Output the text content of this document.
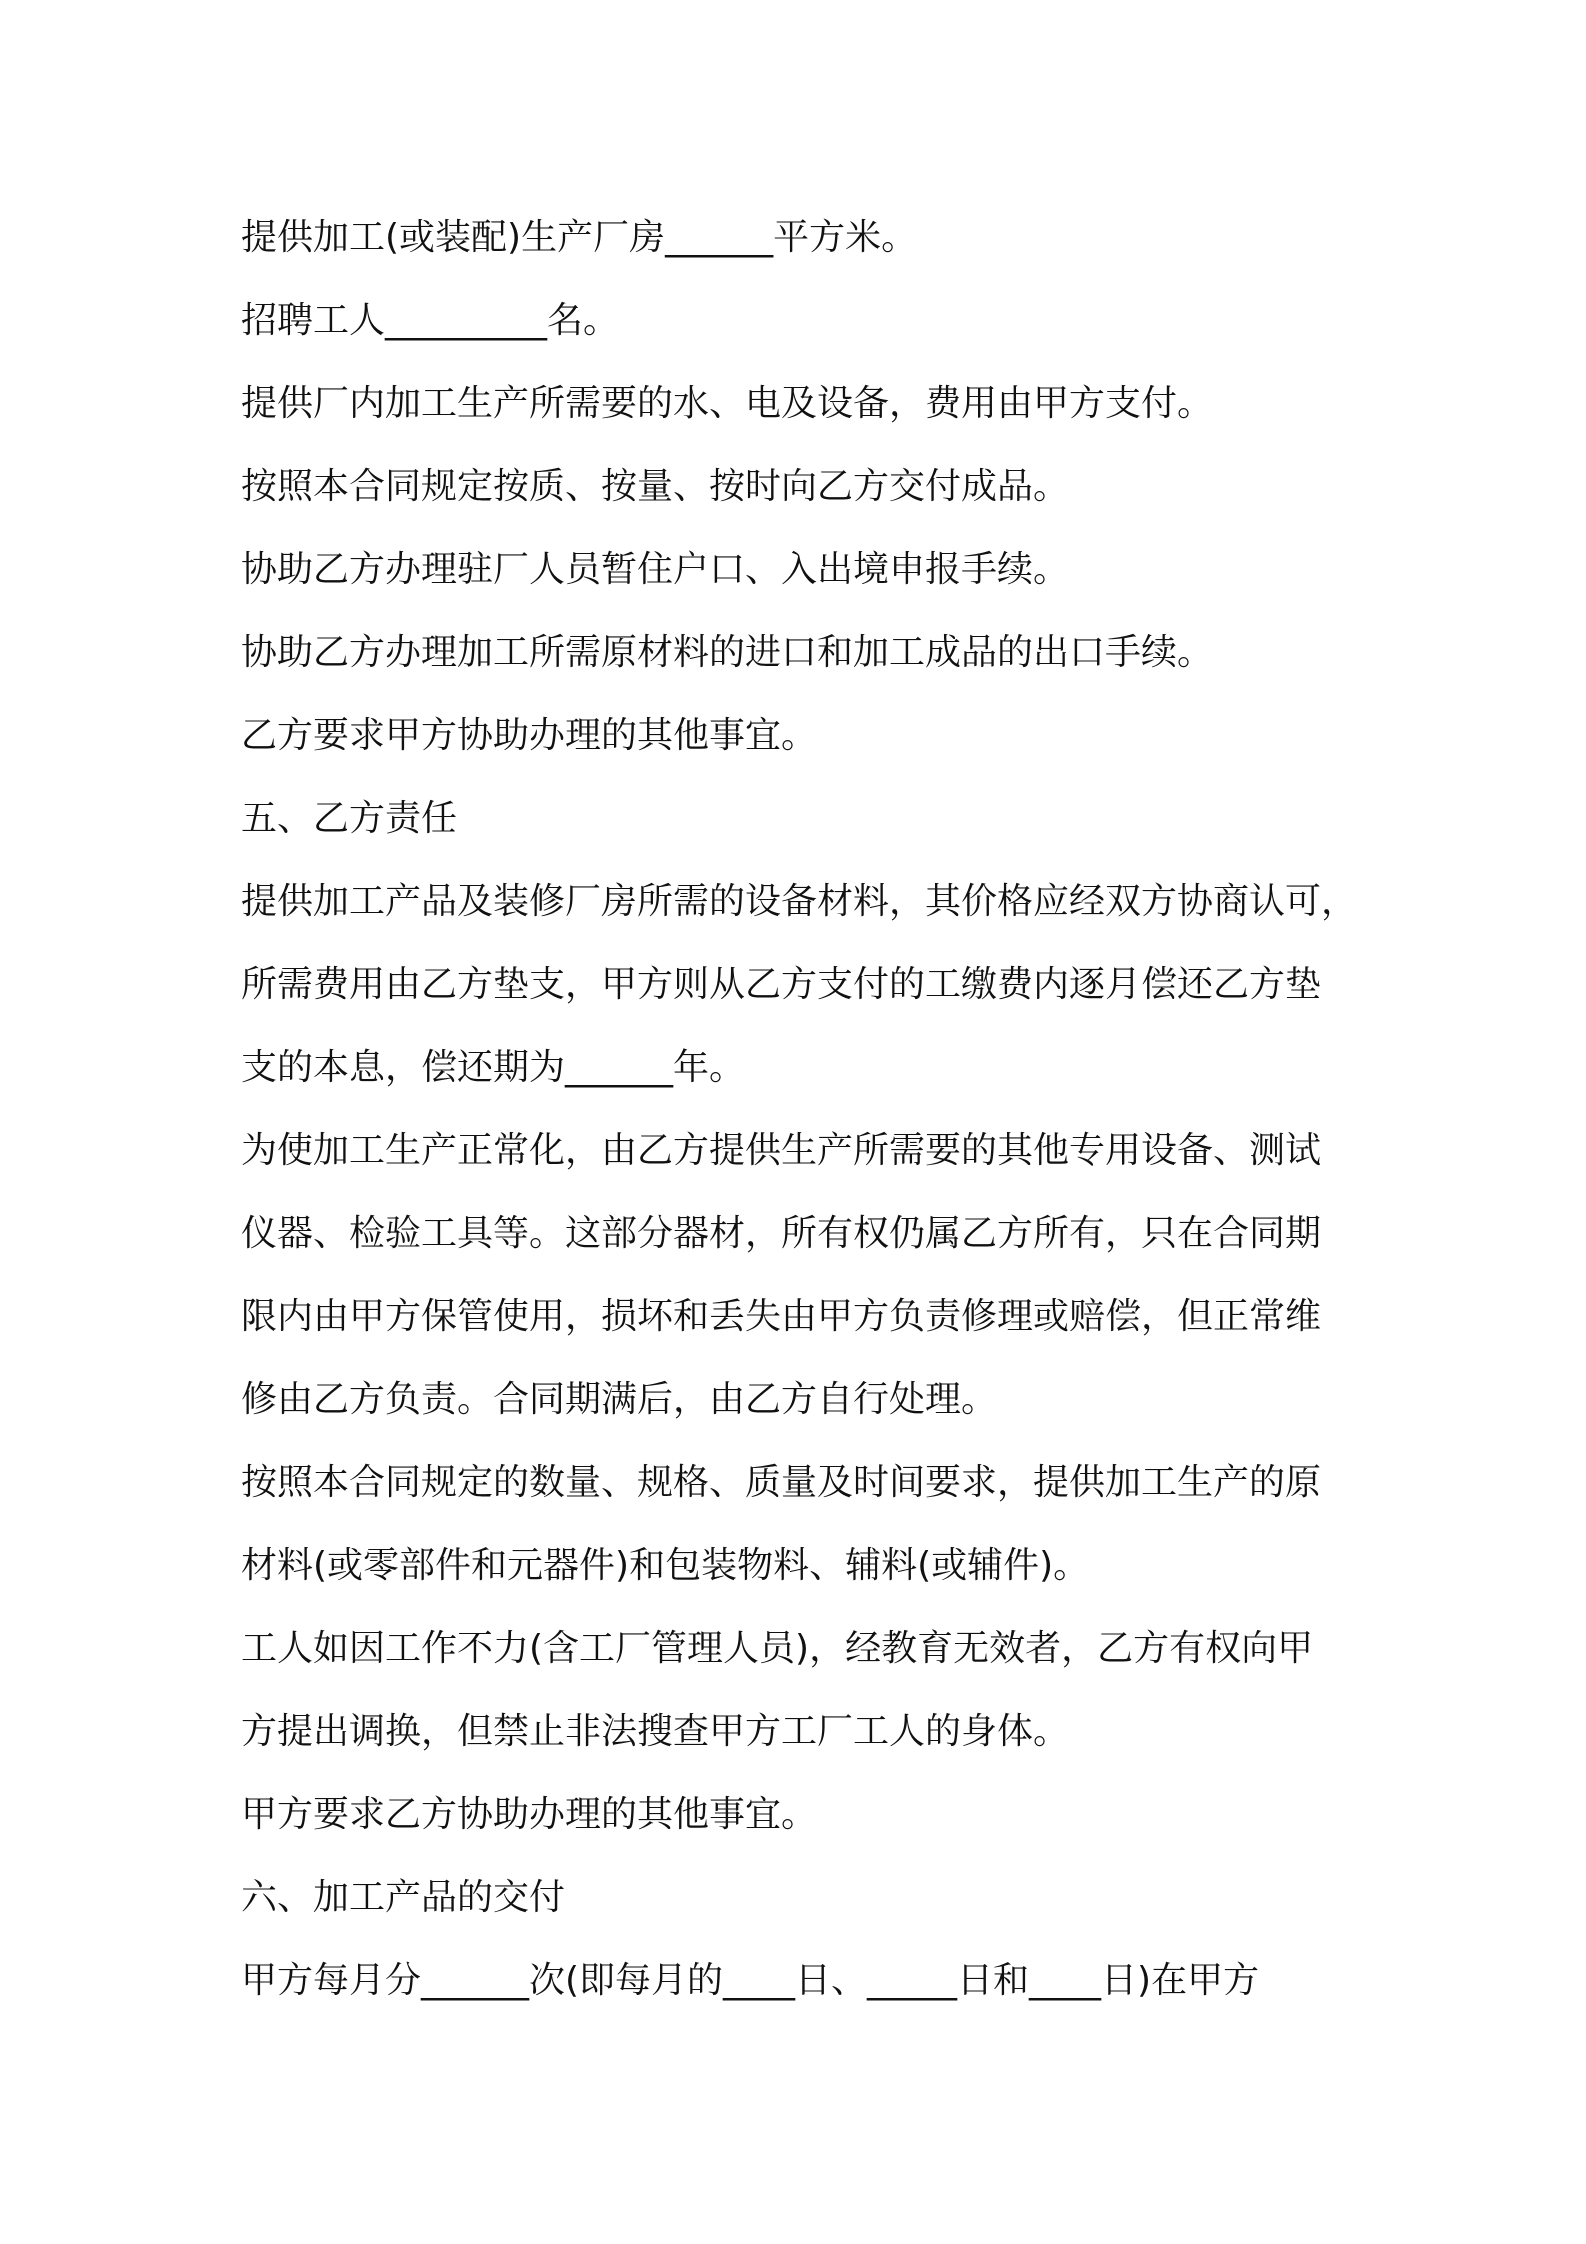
提供加工(或装配)生产厂房______平方米。
招聘工人_________名。
提供厂内加工生产所需要的水、电及设备，费用由甲方支付。
按照本合同规定按质、按量、按时向乙方交付成品。
协助乙方办理驻厂人员暂住户口、入出境申报手续。
协助乙方办理加工所需原材料的进口和加工成品的出口手续。
乙方要求甲方协助办理的其他事宜。
五、乙方责任
提供加工产品及装修厂房所需的设备材料，其价格应经双方协商认可，
所需费用由乙方垫支，甲方则从乙方支付的工缴费内逐月偿还乙方垫
支的本息，偿还期为______年。
为使加工生产正常化，由乙方提供生产所需要的其他专用设备、测试
仪器、检验工具等。这部分器材，所有权仍属乙方所有，只在合同期
限内由甲方保管使用，损坏和丢失由甲方负责修理或赔偿，但正常维
修由乙方负责。合同期满后，由乙方自行处理。
按照本合同规定的数量、规格、质量及时间要求，提供加工生产的原
材料(或零部件和元器件)和包装物料、辅料(或辅件)。
工人如因工作不力(含工厂管理人员)，经教育无效者，乙方有权向甲
方提出调换，但禁止非法搜查甲方工厂工人的身体。
甲方要求乙方协助办理的其他事宜。
六、加工产品的交付
甲方每月分______次(即每月的____日、_____日和____日)在甲方
